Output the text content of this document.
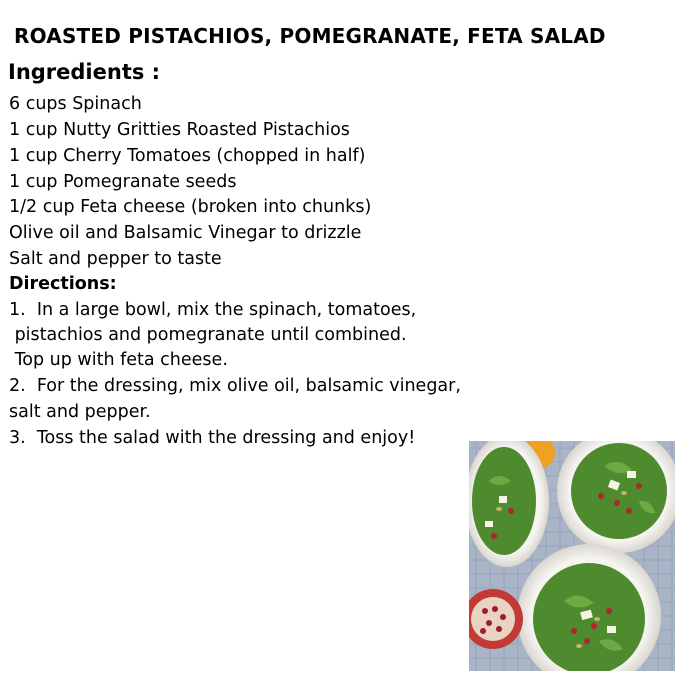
ROASTED PISTACHIOS, POMEGRANATE, FETA SALAD
Ingredients :
6 cups Spinach
1 cup Nutty Gritties Roasted Pistachios
1 cup Cherry Tomatoes (chopped in half)
1 cup Pomegranate seeds
1/2 cup Feta cheese (broken into chunks)
Olive oil and Balsamic Vinegar to drizzle
Salt and pepper to taste
Directions:
1.  In a large bowl, mix the spinach, tomatoes,
pistachios and pomegranate until combined.
Top up with feta cheese.
2.  For the dressing, mix olive oil, balsamic vinegar,
salt and pepper.
3.  Toss the salad with the dressing and enjoy!
